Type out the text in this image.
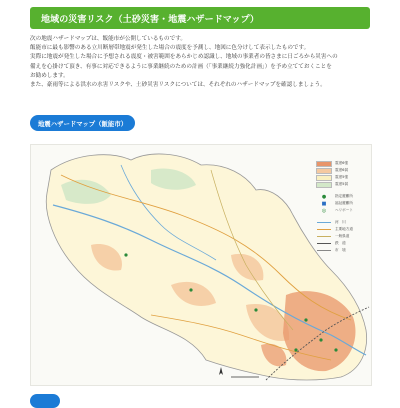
地域の災害リスク（土砂災害・地震ハザードマップ）

次の地震ハザードマップは、飯能市が公開しているものです。

飯能市に最も影響のある立川断層帯地震が発生した場合の震度を予測し、地図に色分けして表示したものです。

実際に地震が発生した場合に予想される震度・被害範囲をあらかじめ認識し、地域の事業者の皆さまに日ごろから災害への

備えを心掛けて頂き、有事に対応できるように事業継続のための計画（「事業継続力強化計画」）を予め立てておくことを

お勧めします。

また、豪雨等による洪水の水害リスクや、土砂災害リスクについては、それぞれのハザードマップを確認しましょう。

地震ハザードマップ（飯能市）
震度6強
震度6弱
震度5強
震度5弱
● 指定避難所
■ 福祉避難所
◎ ヘリポート
河　川
主要地方道
一般県道
鉄　道
市　境
